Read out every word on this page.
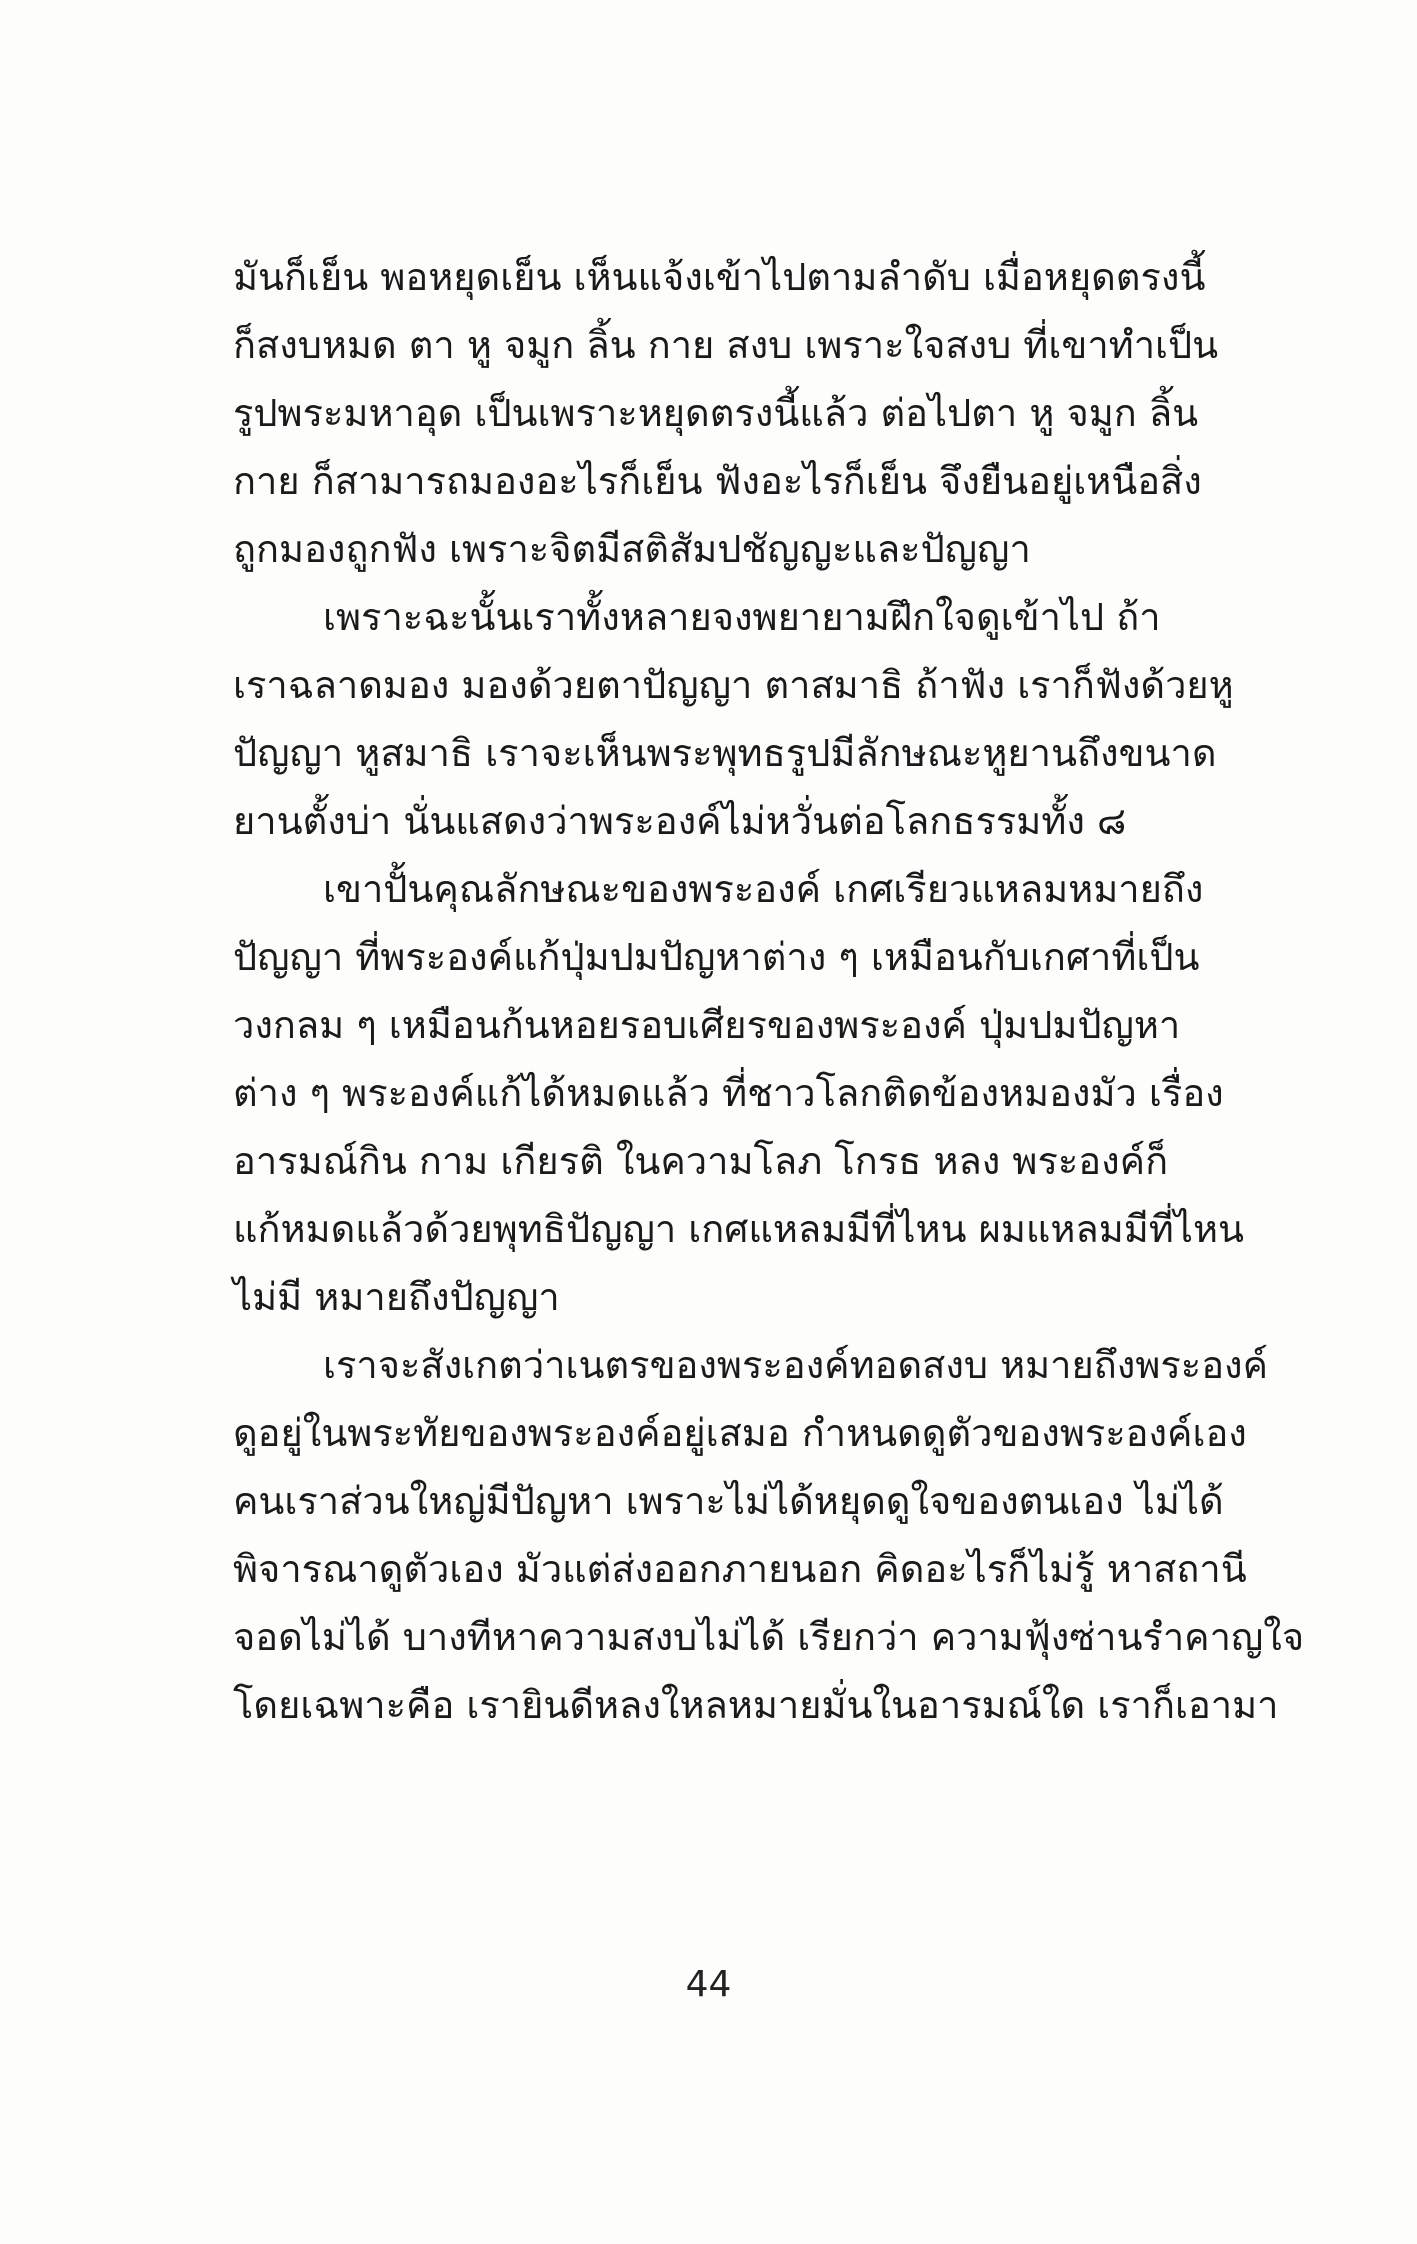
มันก็เย็น พอหยุดเย็น เห็นแจ้งเข้าไปตามลำดับ เมื่อหยุดตรงนี้
ก็สงบหมด ตา หู จมูก ลิ้น กาย สงบ เพราะใจสงบ ที่เขาทำเป็น
รูปพระมหาอุด เป็นเพราะหยุดตรงนี้แล้ว ต่อไปตา หู จมูก ลิ้น
กาย ก็สามารถมองอะไรก็เย็น ฟังอะไรก็เย็น จึงยืนอยู่เหนือสิ่ง
ถูกมองถูกฟัง เพราะจิตมีสติสัมปชัญญะและปัญญา
เพราะฉะนั้นเราทั้งหลายจงพยายามฝึกใจดูเข้าไป ถ้า
เราฉลาดมอง มองด้วยตาปัญญา ตาสมาธิ ถ้าฟัง เราก็ฟังด้วยหู
ปัญญา หูสมาธิ เราจะเห็นพระพุทธรูปมีลักษณะหูยานถึงขนาด
ยานตั้งบ่า นั่นแสดงว่าพระองค์ไม่หวั่นต่อโลกธรรมทั้ง ๘
เขาปั้นคุณลักษณะของพระองค์ เกศเรียวแหลมหมายถึง
ปัญญา ที่พระองค์แก้ปุ่มปมปัญหาต่าง ๆ เหมือนกับเกศาที่เป็น
วงกลม ๆ เหมือนก้นหอยรอบเศียรของพระองค์ ปุ่มปมปัญหา
ต่าง ๆ พระองค์แก้ได้หมดแล้ว ที่ชาวโลกติดข้องหมองมัว เรื่อง
อารมณ์กิน กาม เกียรติ ในความโลภ โกรธ หลง พระองค์ก็
แก้หมดแล้วด้วยพุทธิปัญญา เกศแหลมมีที่ไหน ผมแหลมมีที่ไหน
ไม่มี หมายถึงปัญญา
เราจะสังเกตว่าเนตรของพระองค์ทอดสงบ หมายถึงพระองค์
ดูอยู่ในพระทัยของพระองค์อยู่เสมอ กำหนดดูตัวของพระองค์เอง
คนเราส่วนใหญ่มีปัญหา เพราะไม่ได้หยุดดูใจของตนเอง ไม่ได้
พิจารณาดูตัวเอง มัวแต่ส่งออกภายนอก คิดอะไรก็ไม่รู้ หาสถานี
จอดไม่ได้ บางทีหาความสงบไม่ได้ เรียกว่า ความฟุ้งซ่านรำคาญใจ
โดยเฉพาะคือ เรายินดีหลงใหลหมายมั่นในอารมณ์ใด เราก็เอามา
44
